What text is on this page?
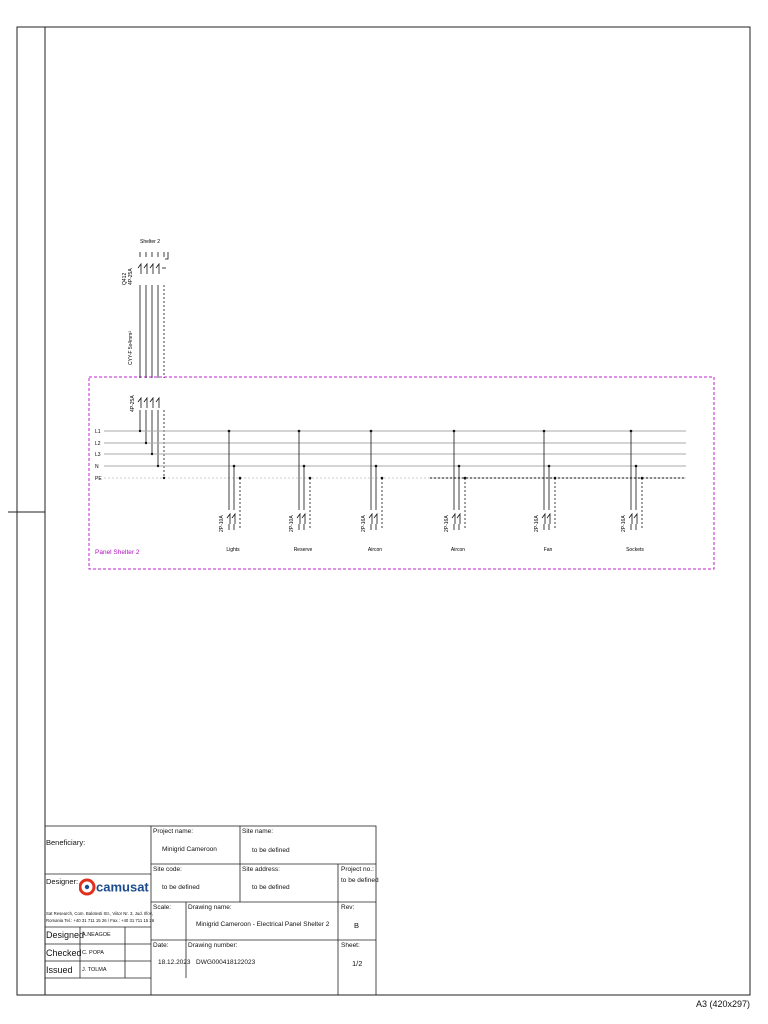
Panel Shelter 2
Shelter 2
4P-25A
Q412
CYY-F 5x4mm²
4P-25A
L1
L2
L3
N
PE
2P-10A
Lights
2P-10A
Reserve
2P-16A
Aircon
2P-16A
Aircon
2P-16A
Fan
2P-16A
Sockets
Beneficiary:
Designer: camusat
Sat Research, Com. Balotesti Str., Viitor Nr. 3, Jud. Ilfov,
Romania Tel.: +40 31 711 15 26 / Fax.: +40 31 711 15 26
Designed
A.NEAGOE
Checked C. POPA
Issued J. TOLMA
Project name:
Minigrid Cameroon
Site name:
to be defined
Site code:
to be defined
Site address:
to be defined
Project no.:
to be defined
Scale:	Drawing name:
Minigrid Cameroon - Electrical Panel Shelter 2
Rev:
B
Date:
18.12.2023
Drawing number:
DWG000418122023
Sheet:
1/2
A3 (420x297)
